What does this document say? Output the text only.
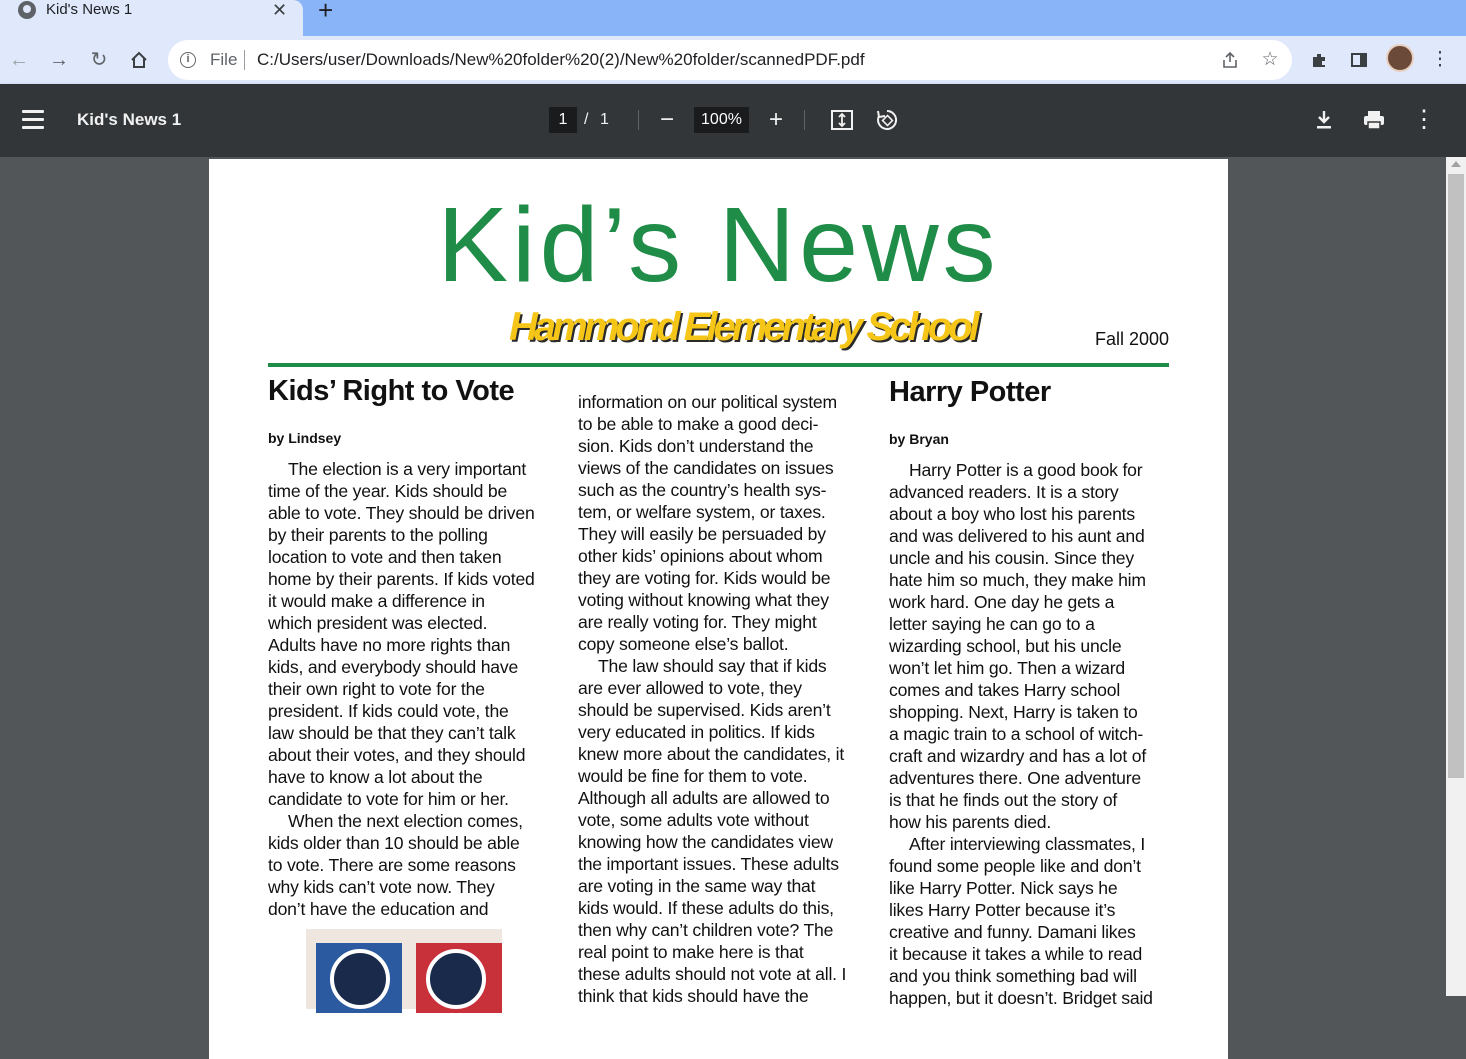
Kid's News 1	✕ +
←	→	↻	i	File C:/Users/user/Downloads/New%20folder%20(2)/New%20folder/scannedPDF.pdf	☆	⋮
Kid's News 1	1	/ 1	−	100%	+	⋮
Kid’s News
Hammond Elementary School	Fall 2000
Kids’ Right to Vote
by Lindsey
The election is a very important
time of the year. Kids should be
able to vote. They should be driven
by their parents to the polling
location to vote and then taken
home by their parents. If kids voted
it would make a difference in
which president was elected.
Adults have no more rights than
kids, and everybody should have
their own right to vote for the
president. If kids could vote, the
law should be that they can’t talk
about their votes, and they should
have to know a lot about the
candidate to vote for him or her.
When the next election comes,
kids older than 10 should be able
to vote. There are some reasons
why kids can’t vote now. They
don’t have the education and
information on our political system
to be able to make a good deci-
sion. Kids don’t understand the
views of the candidates on issues
such as the country’s health sys-
tem, or welfare system, or taxes.
They will easily be persuaded by
other kids’ opinions about whom
they are voting for. Kids would be
voting without knowing what they
are really voting for. They might
copy someone else’s ballot.
The law should say that if kids
are ever allowed to vote, they
should be supervised. Kids aren’t
very educated in politics. If kids
knew more about the candidates, it
would be fine for them to vote.
Although all adults are allowed to
vote, some adults vote without
knowing how the candidates view
the important issues. These adults
are voting in the same way that
kids would. If these adults do this,
then why can’t children vote? The
real point to make here is that
these adults should not vote at all. I
think that kids should have the
Harry Potter
by Bryan
Harry Potter is a good book for
advanced readers. It is a story
about a boy who lost his parents
and was delivered to his aunt and
uncle and his cousin. Since they
hate him so much, they make him
work hard. One day he gets a
letter saying he can go to a
wizarding school, but his uncle
won’t let him go. Then a wizard
comes and takes Harry school
shopping. Next, Harry is taken to
a magic train to a school of witch-
craft and wizardry and has a lot of
adventures there. One adventure
is that he finds out the story of
how his parents died.
After interviewing classmates, I
found some people like and don’t
like Harry Potter. Nick says he
likes Harry Potter because it’s
creative and funny. Damani likes
it because it takes a while to read
and you think something bad will
happen, but it doesn’t. Bridget said
